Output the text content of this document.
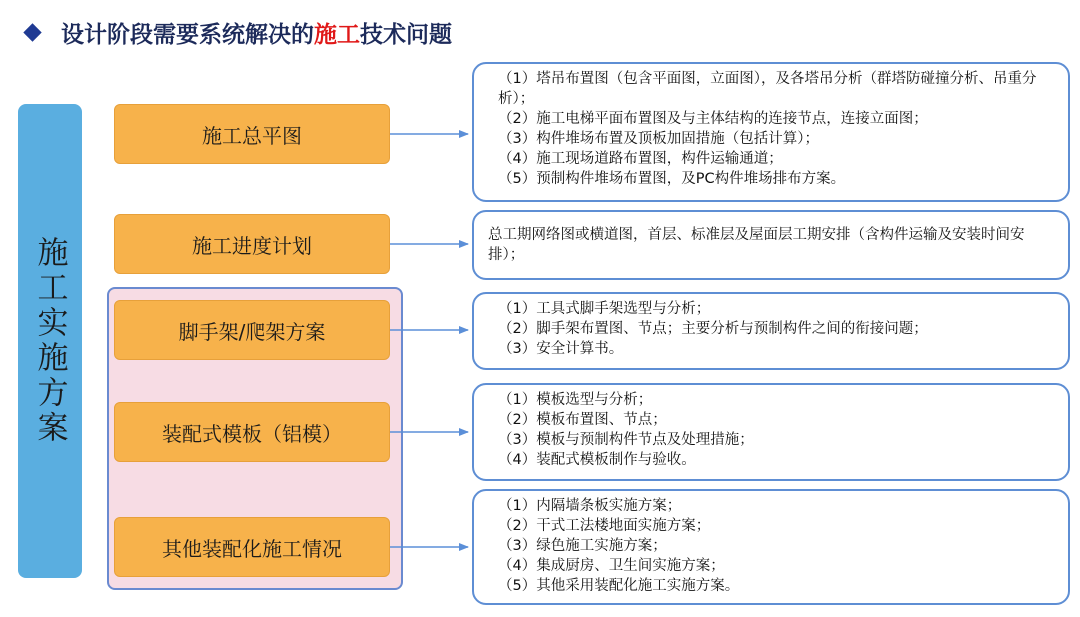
设计阶段需要系统解决的 施工 技术问题
施工实施方案
施工总平图
施工进度计划
脚手架/爬架方案
装配式模板（铝模）
其他装配化施工情况
（1）塔吊布置图（包含平面图，立面图），及各塔吊分析（群塔防碰撞分析、吊重分析）；
（2）施工电梯平面布置图及与主体结构的连接节点，连接立面图；
（3）构件堆场布置及顶板加固措施（包括计算）；
（4）施工现场道路布置图，构件运输通道；
（5）预制构件堆场布置图，及PC构件堆场排布方案。
总工期网络图或横道图，首层、标准层及屋面层工期安排（含构件运输及安装时间安排）；
（1）工具式脚手架选型与分析；
（2）脚手架布置图、节点；主要分析与预制构件之间的衔接问题；
（3）安全计算书。
（1）模板选型与分析；
（2）模板布置图、节点；
（3）模板与预制构件节点及处理措施；
（4）装配式模板制作与验收。
（1）内隔墙条板实施方案；
（2）干式工法楼地面实施方案；
（3）绿色施工实施方案；
（4）集成厨房、卫生间实施方案；
（5）其他采用装配化施工实施方案。
